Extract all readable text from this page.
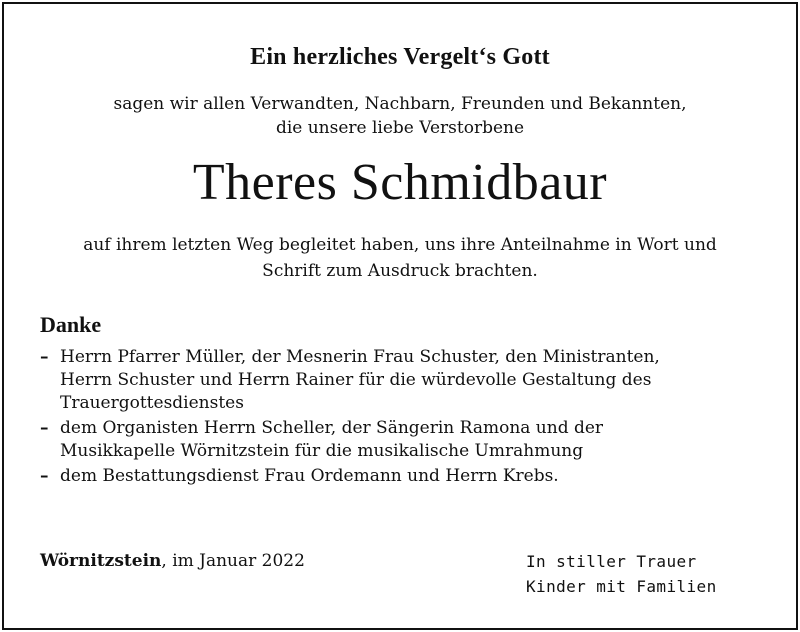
Ein herzliches Vergelt‘s Gott
sagen wir allen Verwandten, Nachbarn, Freunden und Bekannten,
die unsere liebe Verstorbene
Theres Schmidbaur
auf ihrem letzten Weg begleitet haben, uns ihre Anteilnahme in Wort und
Schrift zum Ausdruck brachten.
Danke
– Herrn Pfarrer Müller, der Mesnerin Frau Schuster, den Ministranten,
Herrn Schuster und Herrn Rainer für die würdevolle Gestaltung des
Trauergottesdienstes
– dem Organisten Herrn Scheller, der Sängerin Ramona und der
Musikkapelle Wörnitzstein für die musikalische Umrahmung
– dem Bestattungsdienst Frau Ordemann und Herrn Krebs.
Wörnitzstein, im Januar 2022	In stiller Trauer
Kinder mit Familien
